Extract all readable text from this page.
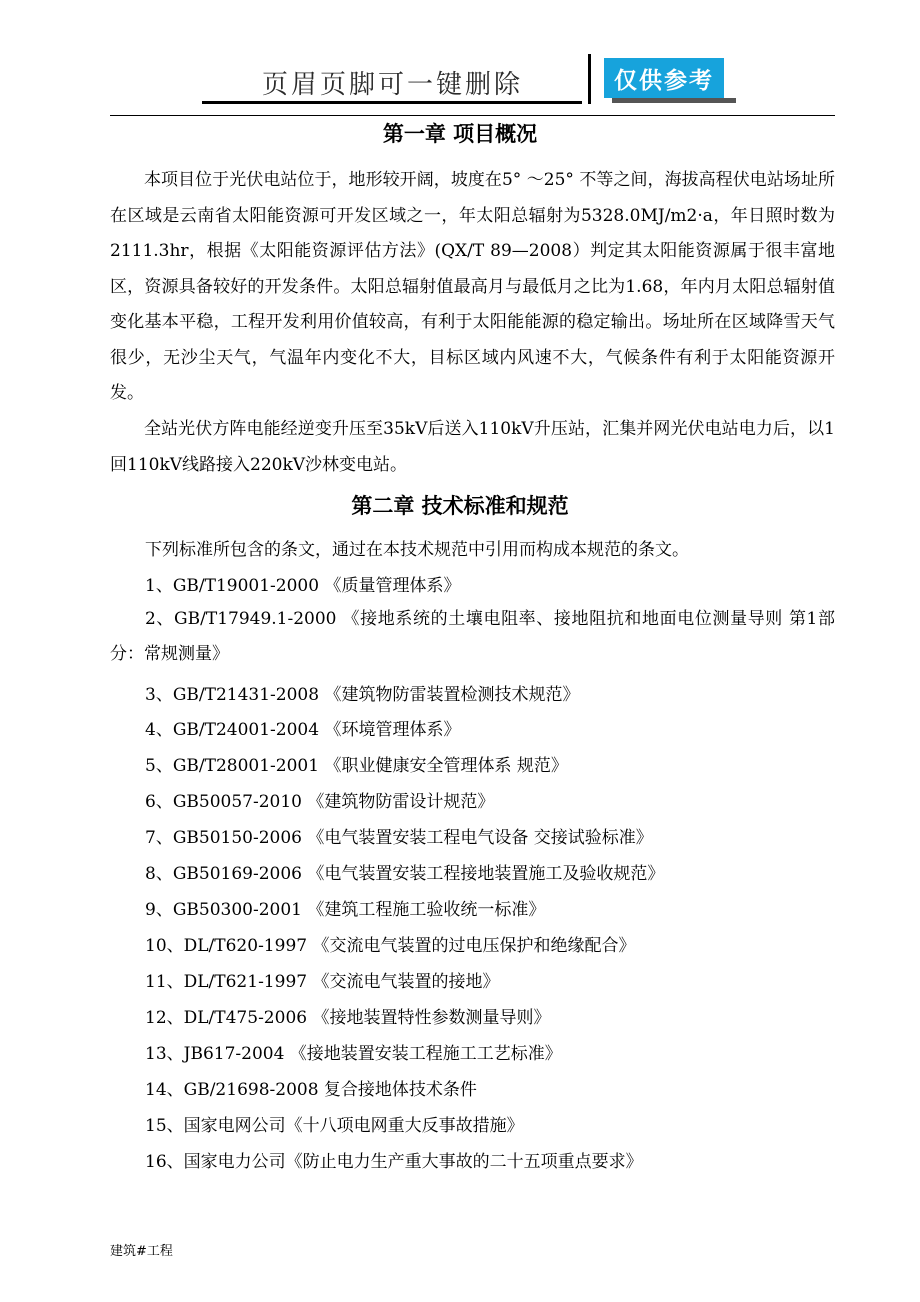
页眉页脚可一键删除	仅供参考
第一章 项目概况

本项目位于光伏电站位于，地形较开阔，坡度在5° ～25° 不等之间，海拔高程伏电站场址所在区域是云南省太阳能资源可开发区域之一，年太阳总辐射为5328.0MJ/m2·a，年日照时数为2111.3hr，根据《太阳能资源评估方法》(QX/T 89—2008）判定其太阳能资源属于很丰富地区，资源具备较好的开发条件。太阳总辐射值最高月与最低月之比为1.68，年内月太阳总辐射值变化基本平稳，工程开发利用价值较高，有利于太阳能能源的稳定输出。场址所在区域降雪天气很少，无沙尘天气，气温年内变化不大，目标区域内风速不大，气候条件有利于太阳能资源开发。

全站光伏方阵电能经逆变升压至35kV后送入110kV升压站，汇集并网光伏电站电力后，以1回110kV线路接入220kV沙林变电站。

第二章 技术标准和规范
下列标准所包含的条文，通过在本技术规范中引用而构成本规范的条文。
1、GB/T19001-2000 《质量管理体系》
2、GB/T17949.1-2000 《接地系统的土壤电阻率、接地阻抗和地面电位测量导则 第1部分：常规测量》
3、GB/T21431-2008 《建筑物防雷装置检测技术规范》
4、GB/T24001-2004 《环境管理体系》
5、GB/T28001-2001 《职业健康安全管理体系 规范》
6、GB50057-2010 《建筑物防雷设计规范》
7、GB50150-2006 《电气装置安装工程电气设备 交接试验标准》
8、GB50169-2006 《电气装置安装工程接地装置施工及验收规范》
9、GB50300-2001 《建筑工程施工验收统一标准》
10、DL/T620-1997 《交流电气装置的过电压保护和绝缘配合》
11、DL/T621-1997 《交流电气装置的接地》
12、DL/T475-2006 《接地装置特性参数测量导则》
13、JB617-2004 《接地装置安装工程施工工艺标准》
14、GB/21698-2008 复合接地体技术条件
15、国家电网公司《十八项电网重大反事故措施》
16、国家电力公司《防止电力生产重大事故的二十五项重点要求》
建筑#工程
